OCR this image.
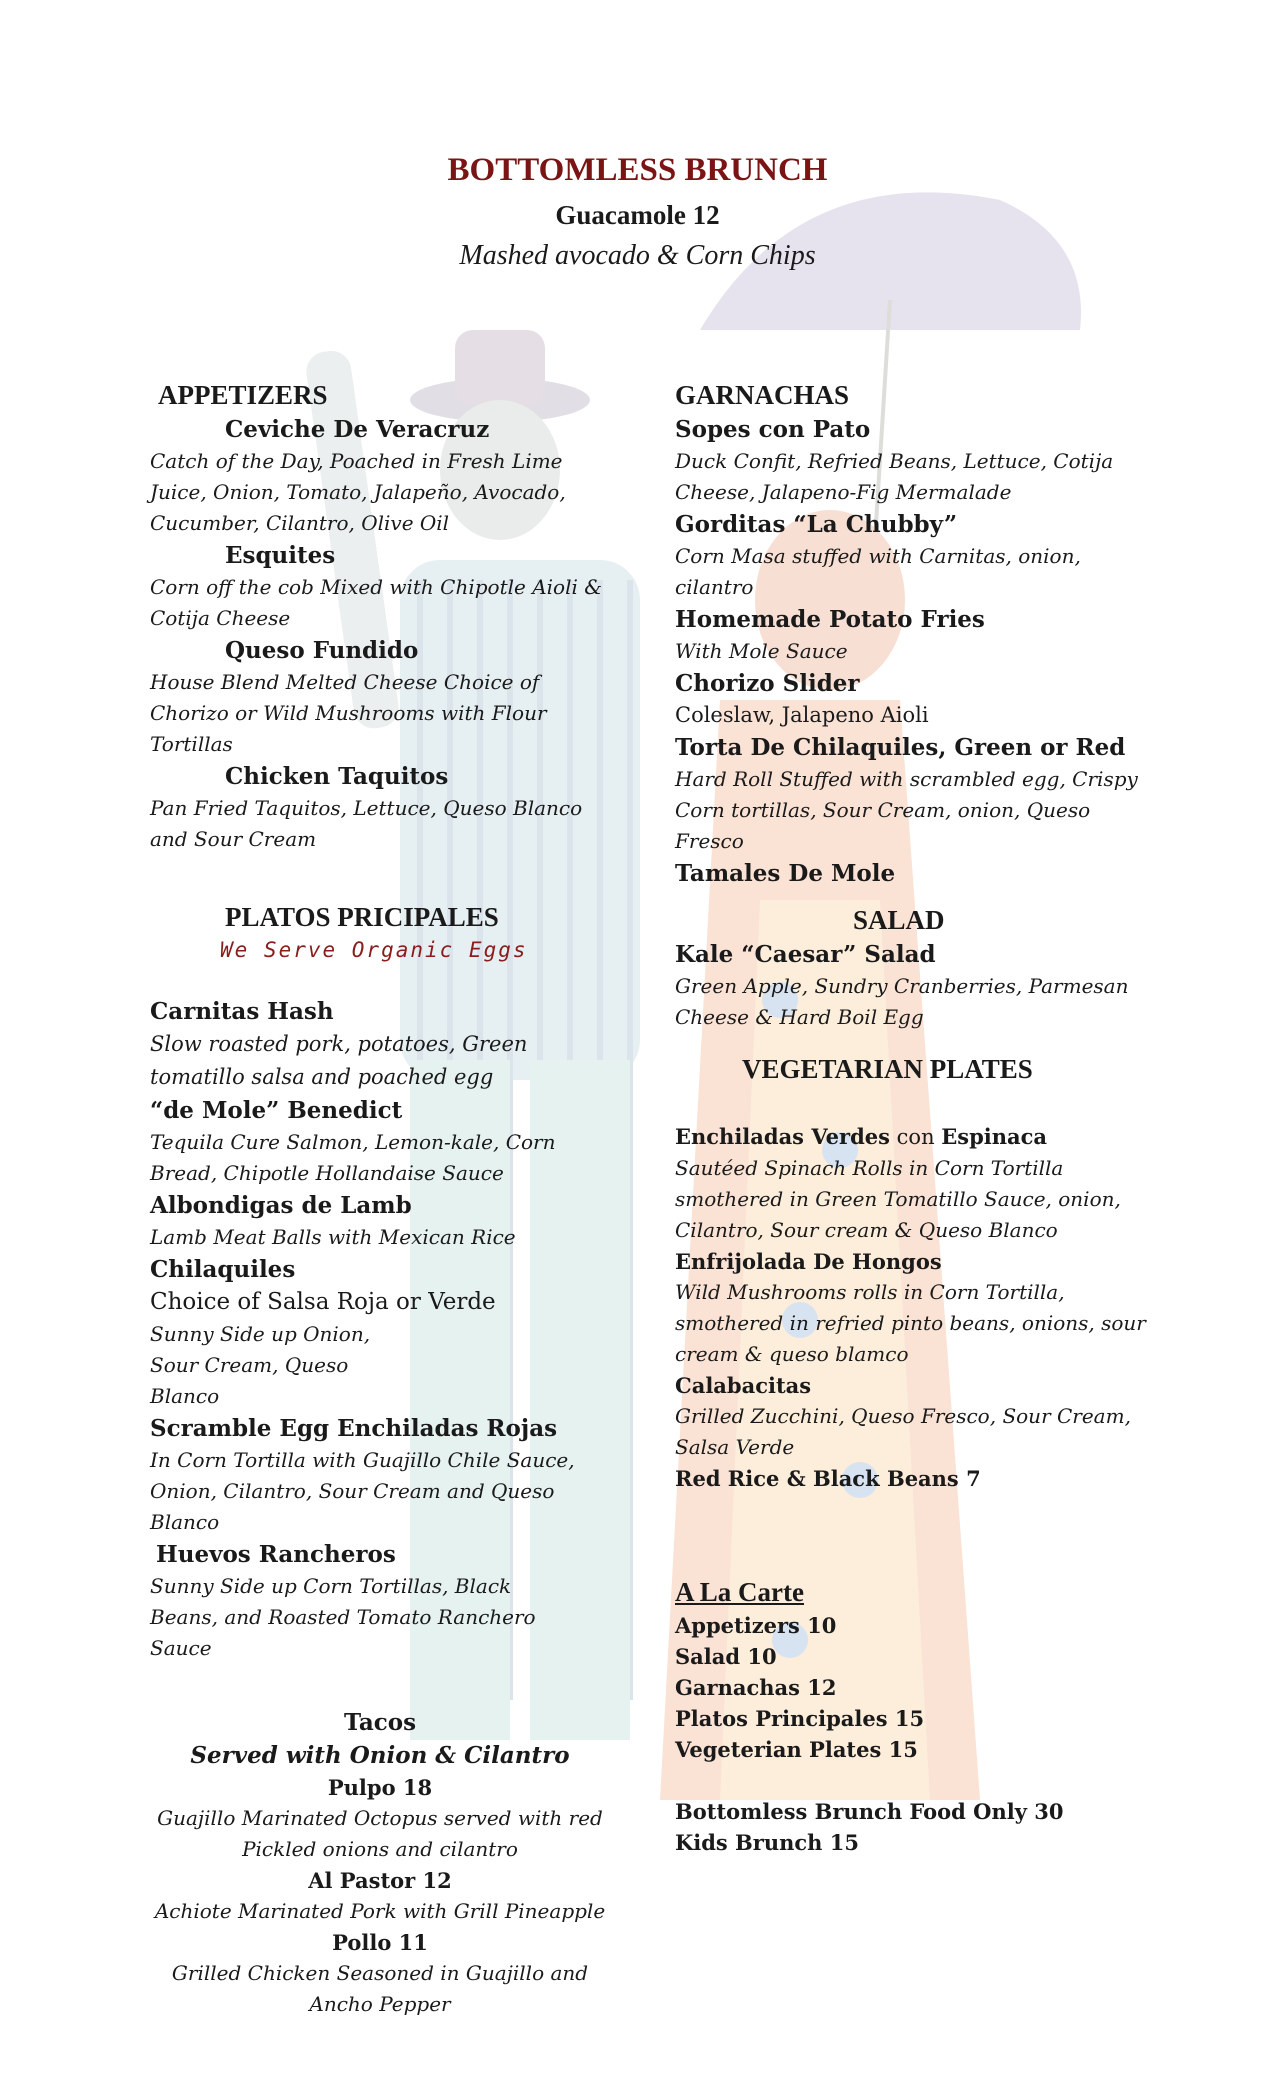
BOTTOMLESS BRUNCH
Guacamole 12
Mashed avocado & Corn Chips
APPETIZERS
Ceviche De Veracruz
Catch of the Day, Poached in Fresh Lime Juice, Onion, Tomato, Jalapeño, Avocado, Cucumber, Cilantro, Olive Oil
Esquites
Corn off the cob Mixed with Chipotle Aioli & Cotija Cheese
Queso Fundido
House Blend Melted Cheese Choice of Chorizo or Wild Mushrooms with Flour Tortillas
Chicken Taquitos
Pan Fried Taquitos, Lettuce, Queso Blanco and Sour Cream
PLATOS PRICIPALES
We Serve Organic Eggs
Carnitas Hash
Slow roasted pork, potatoes, Green tomatillo salsa and poached egg
“de Mole” Benedict
Tequila Cure Salmon, Lemon-kale, Corn Bread, Chipotle Hollandaise Sauce
Albondigas de Lamb
Lamb Meat Balls with Mexican Rice
Chilaquiles
Choice of Salsa Roja or Verde
Sunny Side up Onion, Sour Cream, Queso Blanco
Scramble Egg Enchiladas Rojas
In Corn Tortilla with Guajillo Chile Sauce, Onion, Cilantro, Sour Cream and Queso Blanco
Huevos Rancheros
Sunny Side up Corn Tortillas, Black Beans, and Roasted Tomato Ranchero Sauce
Tacos
Served with Onion & Cilantro
Pulpo 18
Guajillo Marinated Octopus served with red Pickled onions and cilantro
Al Pastor 12
Achiote Marinated Pork with Grill Pineapple
Pollo 11
Grilled Chicken Seasoned in Guajillo and Ancho Pepper
GARNACHAS
Sopes con Pato
Duck Confit, Refried Beans, Lettuce, Cotija Cheese, Jalapeno-Fig Mermalade
Gorditas “La Chubby”
Corn Masa stuffed with Carnitas, onion, cilantro
Homemade Potato Fries
With Mole Sauce
Chorizo Slider
Coleslaw, Jalapeno Aioli
Torta De Chilaquiles, Green or Red
Hard Roll Stuffed with scrambled egg, Crispy Corn tortillas, Sour Cream, onion, Queso Fresco
Tamales De Mole
SALAD
Kale “Caesar” Salad
Green Apple, Sundry Cranberries, Parmesan Cheese & Hard Boil Egg
VEGETARIAN PLATES
Enchiladas Verdes con Espinaca
Sautéed Spinach Rolls in Corn Tortilla smothered in Green Tomatillo Sauce, onion, Cilantro, Sour cream & Queso Blanco
Enfrijolada De Hongos
Wild Mushrooms rolls in Corn Tortilla, smothered in refried pinto beans, onions, sour cream & queso blamco
Calabacitas
Grilled Zucchini, Queso Fresco, Sour Cream, Salsa Verde
Red Rice & Black Beans 7
A La Carte
Appetizers 10
Salad 10
Garnachas 12
Platos Principales 15
Vegeterian Plates 15
Bottomless Brunch Food Only 30
Kids Brunch 15
